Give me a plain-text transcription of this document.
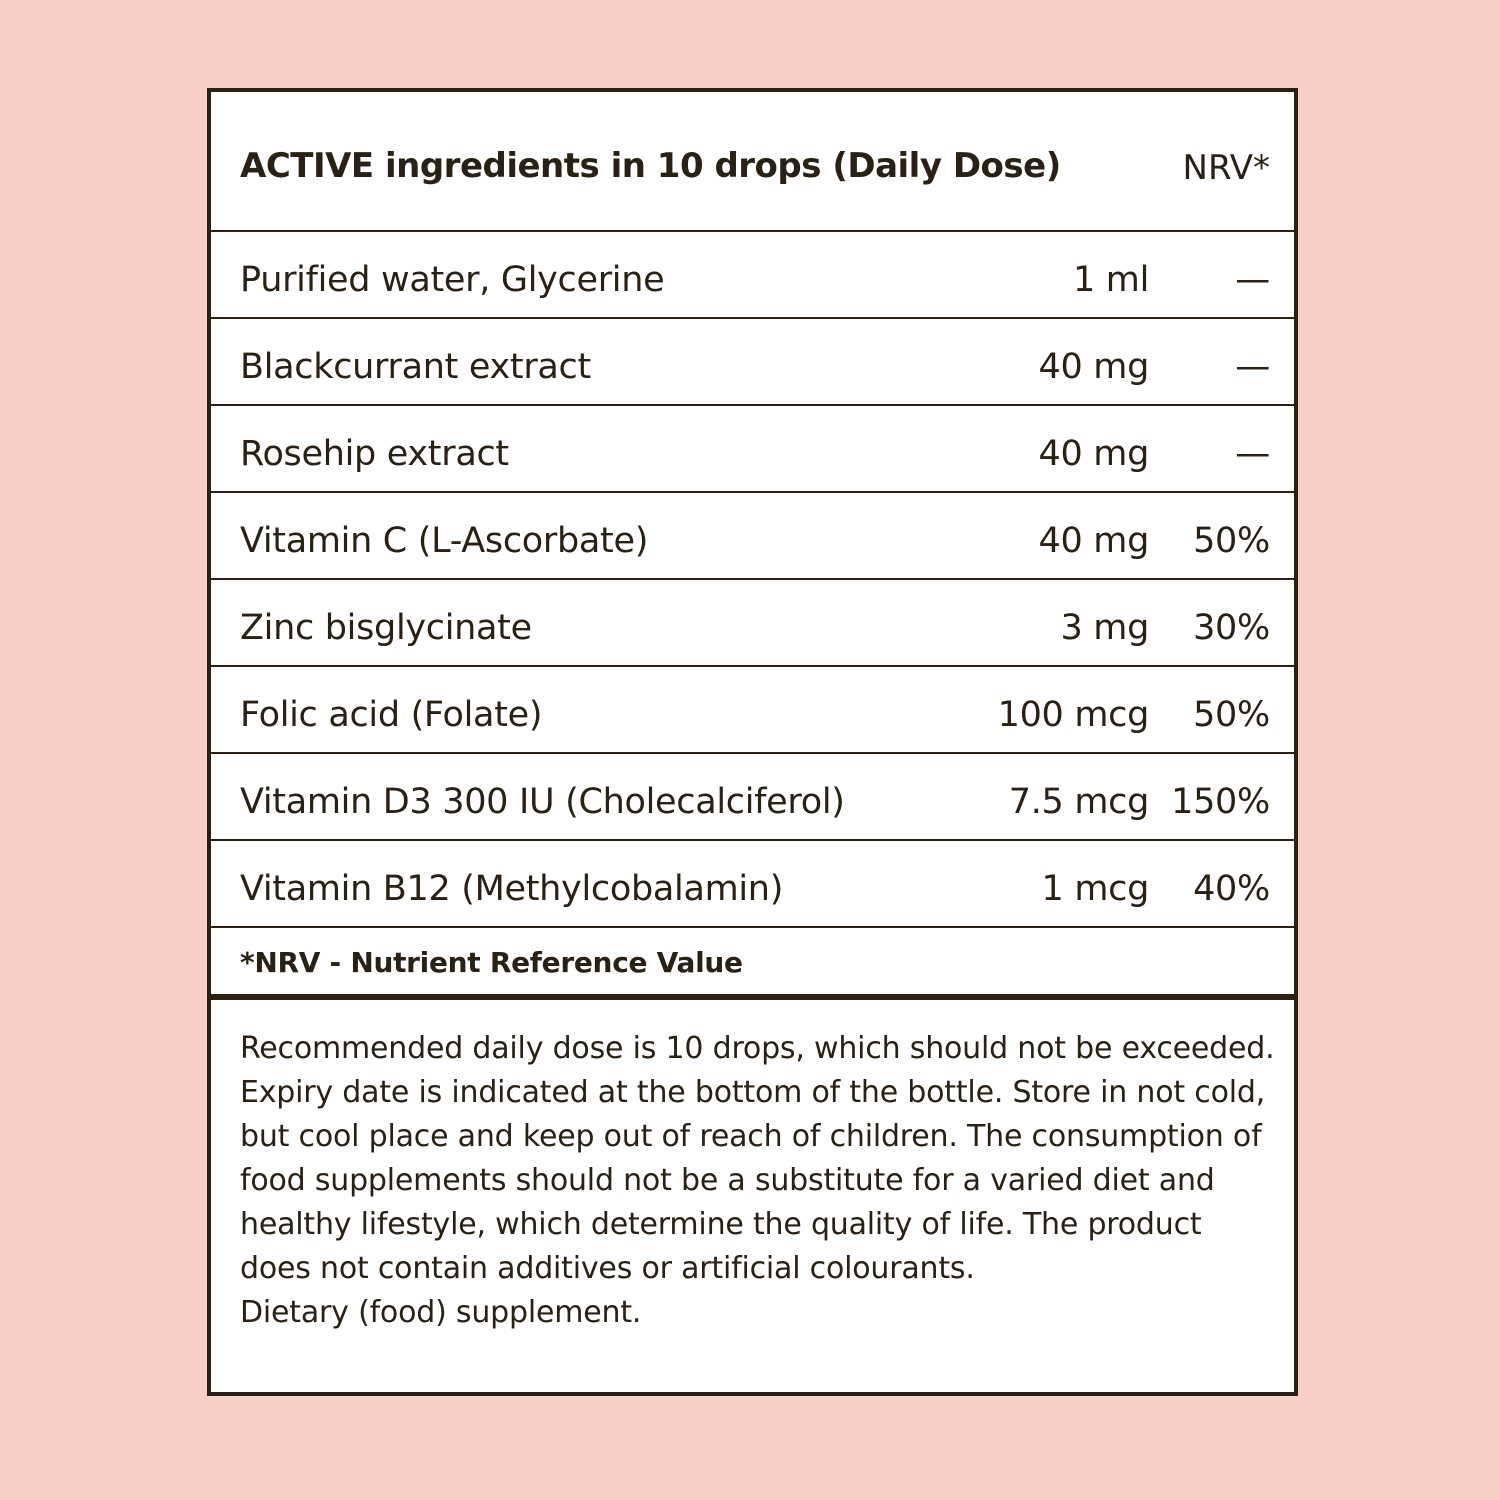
ACTIVE ingredients in 10 drops (Daily Dose)	NRV*
Purified water, Glycerine	1 ml —
Blackcurrant extract	40 mg —
Rosehip extract	40 mg —
Vitamin C (L-Ascorbate)	40 mg 50%
Zinc bisglycinate	3 mg 30%
Folic acid (Folate)	100 mcg 50%
Vitamin D3 300 IU (Cholecalciferol)	7.5 mcg 150%
Vitamin B12 (Methylcobalamin)	1 mcg 40%
*NRV - Nutrient Reference Value

Recommended daily dose is 10 drops, which should not be exceeded. Expiry date is indicated at the bottom of the bottle. Store in not cold, but cool place and keep out of reach of children. The consumption of food supplements should not be a substitute for a varied diet and healthy lifestyle, which determine the quality of life. The product does not contain additives or artificial colourants.

Dietary (food) supplement.
